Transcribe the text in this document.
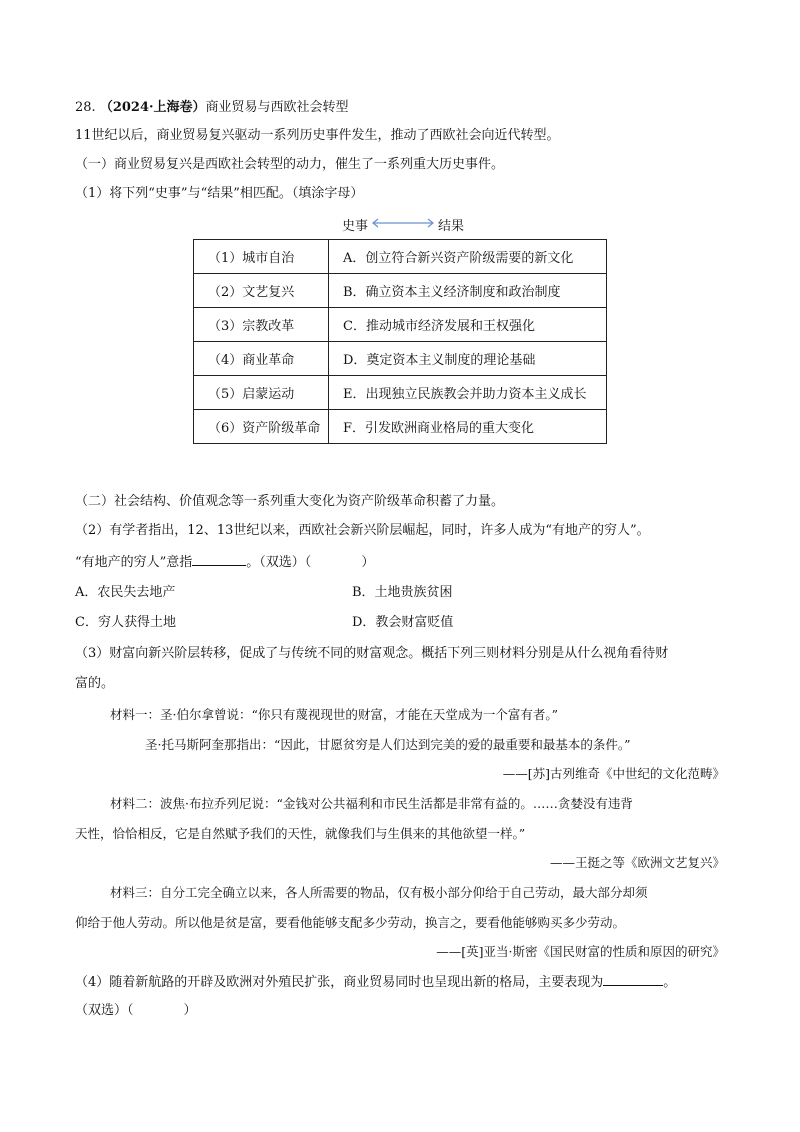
28. （2024·上海卷）商业贸易与西欧社会转型
11世纪以后，商业贸易复兴驱动一系列历史事件发生，推动了西欧社会向近代转型。
（一）商业贸易复兴是西欧社会转型的动力，催生了一系列重大历史事件。
（1）将下列“史事”与“结果”相匹配。（填涂字母）
史事	结果
（1）城市自治	A．创立符合新兴资产阶级需要的新文化
（2）文艺复兴	B．确立资本主义经济制度和政治制度
（3）宗教改革	C．推动城市经济发展和王权强化
（4）商业革命	D．奠定资本主义制度的理论基础
（5）启蒙运动	E．出现独立民族教会并助力资本主义成长
（6）资产阶级革命	F．引发欧洲商业格局的重大变化
（二）社会结构、价值观念等一系列重大变化为资产阶级革命积蓄了力量。
（2）有学者指出，12、13世纪以来，西欧社会新兴阶层崛起，同时，许多人成为“有地产的穷人”。
“有地产的穷人”意指	。（双选）（	）
A．农民失去地产	B．土地贵族贫困
C．穷人获得土地	D．教会财富贬值
（3）财富向新兴阶层转移，促成了与传统不同的财富观念。概括下列三则材料分别是从什么视角看待财
富的。
材料一：圣·伯尔拿曾说：“你只有蔑视现世的财富，才能在天堂成为一个富有者。”
圣·托马斯阿奎那指出：“因此，甘愿贫穷是人们达到完美的爱的最重要和最基本的条件。”
——[苏]古列维奇《中世纪的文化范畴》
材料二：波焦·布拉乔列尼说：“金钱对公共福利和市民生活都是非常有益的。……贪婪没有违背
天性，恰恰相反，它是自然赋予我们的天性，就像我们与生俱来的其他欲望一样。”
——王挺之等《欧洲文艺复兴》
材料三：自分工完全确立以来，各人所需要的物品，仅有极小部分仰给于自己劳动，最大部分却须
仰给于他人劳动。所以他是贫是富，要看他能够支配多少劳动，换言之，要看他能够购买多少劳动。
——[英]亚当·斯密《国民财富的性质和原因的研究》
（4）随着新航路的开辟及欧洲对外殖民扩张，商业贸易同时也呈现出新的格局，主要表现为	。
（双选）（	）
